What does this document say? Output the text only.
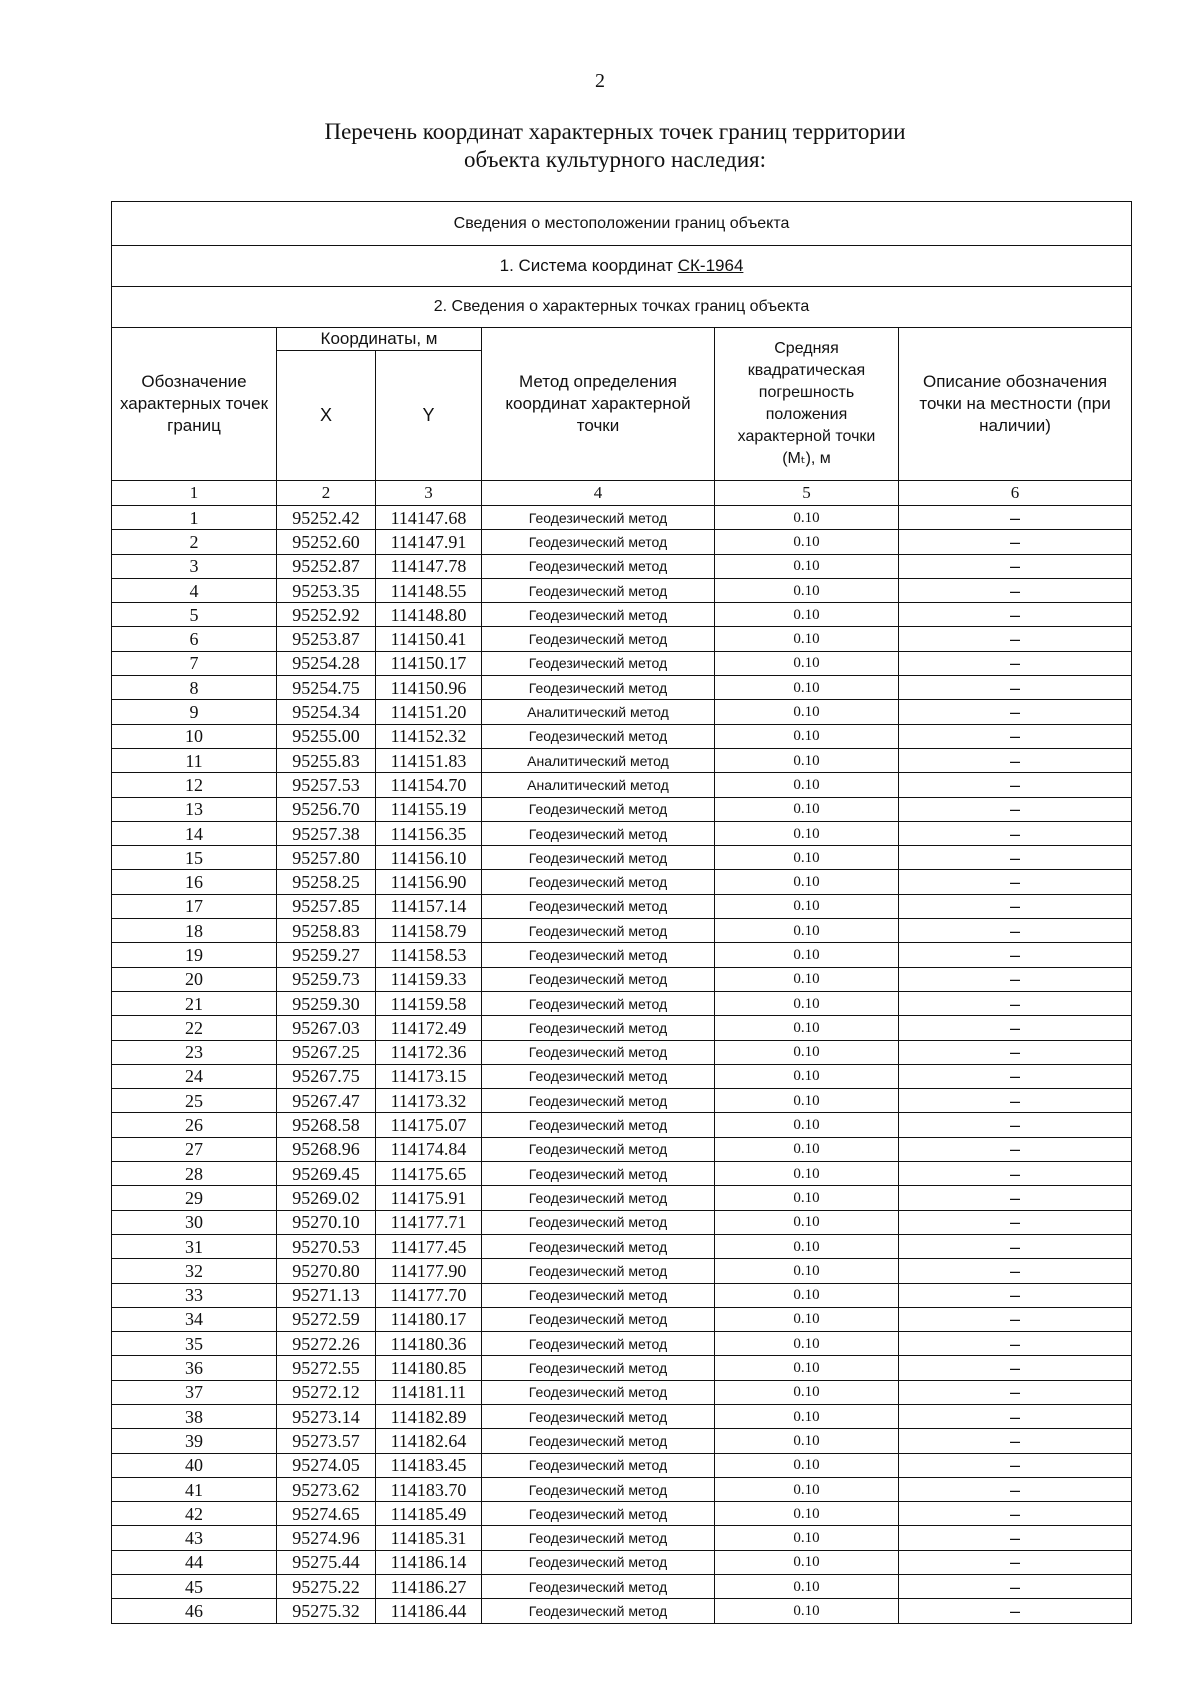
2
Перечень координат характерных точек границ территории
объекта культурного наследия:
Сведения о местоположении границ объекта					
1. Система координат СК-1964					
2. Сведения о характерных точках границ объекта					
Обозначение характерных точек границ	Координаты, м		Метод определения координат характерной точки	Средняя квадратическая погрешность положения характерной точки (Mₜ), м	Описание обозначения точки на местности (при наличии)
	X	Y			
1	2	3	4	5	6
1	95252.42	114147.68	Геодезический метод	0.10	–
2	95252.60	114147.91	Геодезический метод	0.10	–
3	95252.87	114147.78	Геодезический метод	0.10	–
4	95253.35	114148.55	Геодезический метод	0.10	–
5	95252.92	114148.80	Геодезический метод	0.10	–
6	95253.87	114150.41	Геодезический метод	0.10	–
7	95254.28	114150.17	Геодезический метод	0.10	–
8	95254.75	114150.96	Геодезический метод	0.10	–
9	95254.34	114151.20	Аналитический метод	0.10	–
10	95255.00	114152.32	Геодезический метод	0.10	–
11	95255.83	114151.83	Аналитический метод	0.10	–
12	95257.53	114154.70	Аналитический метод	0.10	–
13	95256.70	114155.19	Геодезический метод	0.10	–
14	95257.38	114156.35	Геодезический метод	0.10	–
15	95257.80	114156.10	Геодезический метод	0.10	–
16	95258.25	114156.90	Геодезический метод	0.10	–
17	95257.85	114157.14	Геодезический метод	0.10	–
18	95258.83	114158.79	Геодезический метод	0.10	–
19	95259.27	114158.53	Геодезический метод	0.10	–
20	95259.73	114159.33	Геодезический метод	0.10	–
21	95259.30	114159.58	Геодезический метод	0.10	–
22	95267.03	114172.49	Геодезический метод	0.10	–
23	95267.25	114172.36	Геодезический метод	0.10	–
24	95267.75	114173.15	Геодезический метод	0.10	–
25	95267.47	114173.32	Геодезический метод	0.10	–
26	95268.58	114175.07	Геодезический метод	0.10	–
27	95268.96	114174.84	Геодезический метод	0.10	–
28	95269.45	114175.65	Геодезический метод	0.10	–
29	95269.02	114175.91	Геодезический метод	0.10	–
30	95270.10	114177.71	Геодезический метод	0.10	–
31	95270.53	114177.45	Геодезический метод	0.10	–
32	95270.80	114177.90	Геодезический метод	0.10	–
33	95271.13	114177.70	Геодезический метод	0.10	–
34	95272.59	114180.17	Геодезический метод	0.10	–
35	95272.26	114180.36	Геодезический метод	0.10	–
36	95272.55	114180.85	Геодезический метод	0.10	–
37	95272.12	114181.11	Геодезический метод	0.10	–
38	95273.14	114182.89	Геодезический метод	0.10	–
39	95273.57	114182.64	Геодезический метод	0.10	–
40	95274.05	114183.45	Геодезический метод	0.10	–
41	95273.62	114183.70	Геодезический метод	0.10	–
42	95274.65	114185.49	Геодезический метод	0.10	–
43	95274.96	114185.31	Геодезический метод	0.10	–
44	95275.44	114186.14	Геодезический метод	0.10	–
45	95275.22	114186.27	Геодезический метод	0.10	–
46	95275.32	114186.44	Геодезический метод	0.10	–
